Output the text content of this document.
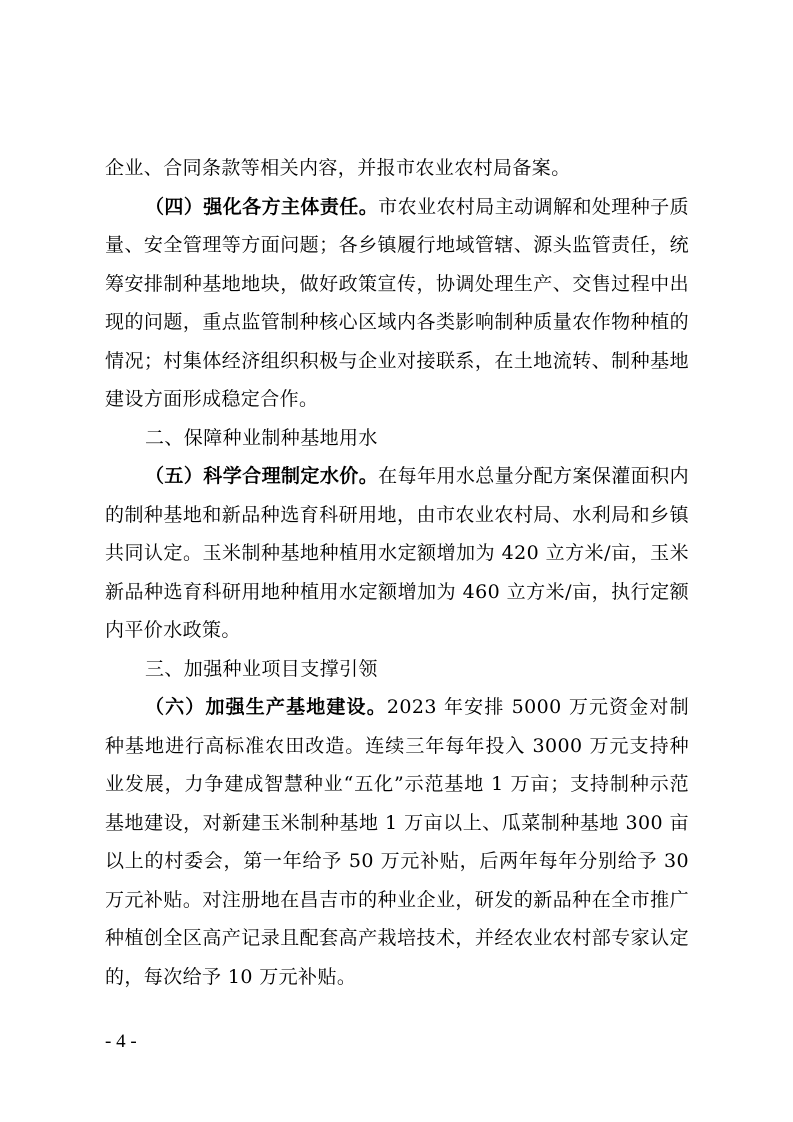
企业、合同条款等相关内容，并报市农业农村局备案。

（四）强化各方主体责任。市农业农村局主动调解和处理种子质量、安全管理等方面问题；各乡镇履行地域管辖、源头监管责任，统筹安排制种基地地块，做好政策宣传，协调处理生产、交售过程中出现的问题，重点监管制种核心区域内各类影响制种质量农作物种植的情况；村集体经济组织积极与企业对接联系，在土地流转、制种基地建设方面形成稳定合作。

二、保障种业制种基地用水

（五）科学合理制定水价。在每年用水总量分配方案保灌面积内的制种基地和新品种选育科研用地，由市农业农村局、水利局和乡镇共同认定。玉米制种基地种植用水定额增加为 420 立方米/亩，玉米新品种选育科研用地种植用水定额增加为 460 立方米/亩，执行定额内平价水政策。

三、加强种业项目支撑引领

（六）加强生产基地建设。2023 年安排 5000 万元资金对制种基地进行高标准农田改造。连续三年每年投入 3000 万元支持种业发展，力争建成智慧种业“五化”示范基地 1 万亩；支持制种示范基地建设，对新建玉米制种基地 1 万亩以上、瓜菜制种基地 300 亩以上的村委会，第一年给予 50 万元补贴，后两年每年分别给予 30 万元补贴。对注册地在昌吉市的种业企业，研发的新品种在全市推广种植创全区高产记录且配套高产栽培技术，并经农业农村部专家认定的，每次给予 10 万元补贴。

- 4 -
